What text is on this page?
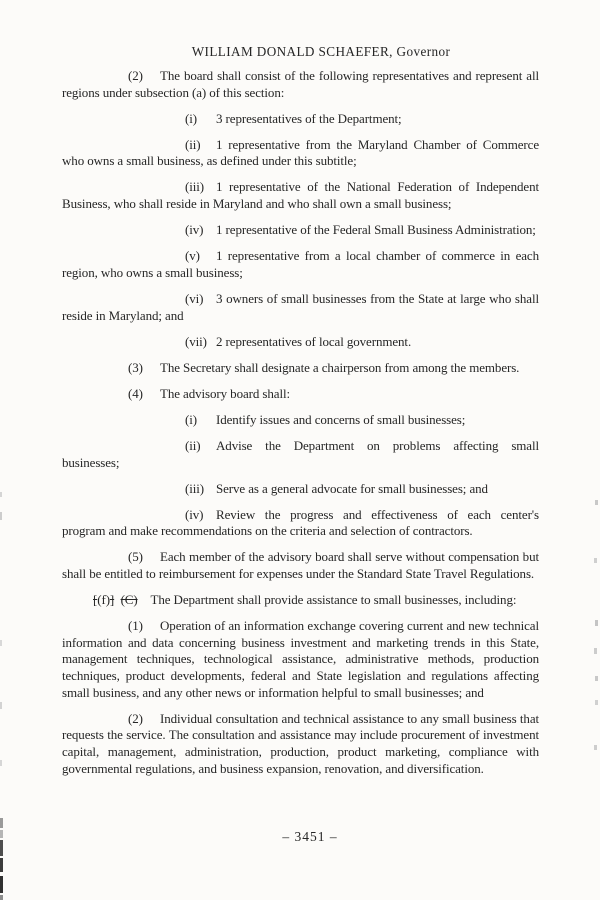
WILLIAM DONALD SCHAEFER, Governor

(2) The board shall consist of the following representatives and represent all regions under subsection (a) of this section:

(i) 3 representatives of the Department;

(ii) 1 representative from the Maryland Chamber of Commerce who owns a small business, as defined under this subtitle;

(iii) 1 representative of the National Federation of Independent Business, who shall reside in Maryland and who shall own a small business;

(iv) 1 representative of the Federal Small Business Administration;

(v) 1 representative from a local chamber of commerce in each region, who owns a small business;

(vi) 3 owners of small businesses from the State at large who shall reside in Maryland; and

(vii) 2 representatives of local government.

(3) The Secretary shall designate a chairperson from among the members.

(4) The advisory board shall:

(i) Identify issues and concerns of small businesses;

(ii) Advise the Department on problems affecting small businesses;

(iii) Serve as a general advocate for small businesses; and

(iv) Review the progress and effectiveness of each center's program and make recommendations on the criteria and selection of contractors.

(5) Each member of the advisory board shall serve without compensation but shall be entitled to reimbursement for expenses under the Standard State Travel Regulations.

[(f)]  (C)  The Department shall provide assistance to small businesses, including:

(1) Operation of an information exchange covering current and new technical information and data concerning business investment and marketing trends in this State, management techniques, technological assistance, administrative methods, production techniques, product developments, federal and State legislation and regulations affecting small business, and any other news or information helpful to small businesses; and

(2) Individual consultation and technical assistance to any small business that requests the service. The consultation and assistance may include procurement of investment capital, management, administration, production, product marketing, compliance with governmental regulations, and business expansion, renovation, and diversification.

– 3451 –
